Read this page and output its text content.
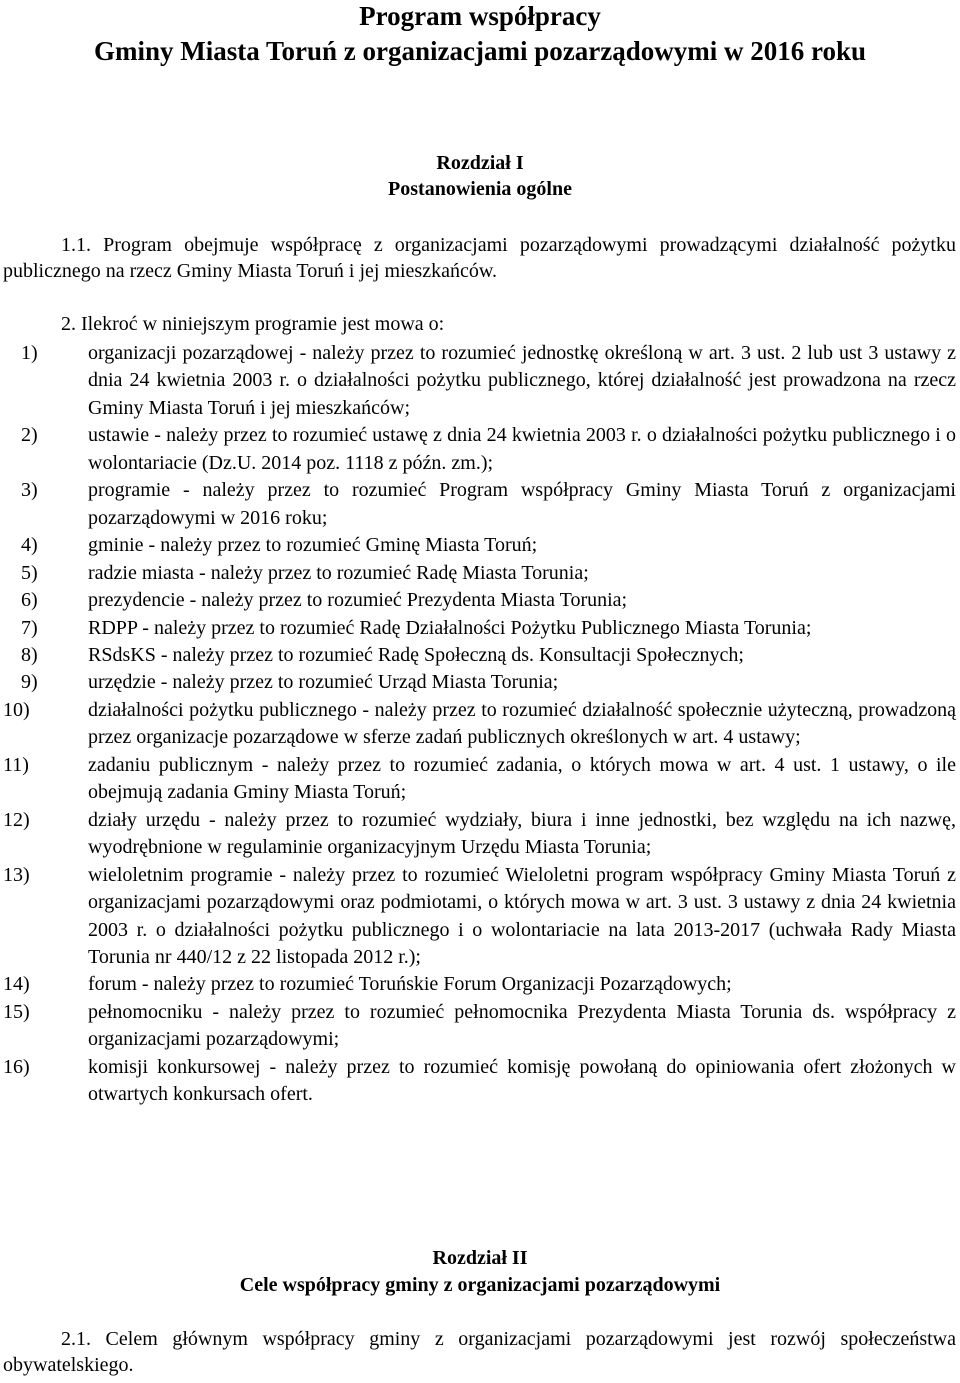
Program współpracy
Gminy Miasta Toruń z organizacjami pozarządowymi w 2016 roku
Rozdział I
Postanowienia ogólne

1.1. Program obejmuje współpracę z organizacjami pozarządowymi prowadzącymi działalność pożytku publicznego na rzecz Gminy Miasta Toruń i jej mieszkańców.

2. Ilekroć w niniejszym programie jest mowa o:

1)	organizacji pozarządowej - należy przez to rozumieć jednostkę określoną w art. 3 ust. 2 lub ust 3 ustawy z dnia 24 kwietnia 2003 r. o działalności pożytku publicznego, której działalność jest prowadzona na rzecz Gminy Miasta Toruń i jej mieszkańców;
2)	ustawie - należy przez to rozumieć ustawę z dnia 24 kwietnia 2003 r. o działalności pożytku publicznego i o wolontariacie (Dz.U. 2014 poz. 1118 z późn. zm.);
3)	programie - należy przez to rozumieć Program współpracy Gminy Miasta Toruń z organizacjami pozarządowymi w 2016 roku;
4)	gminie - należy przez to rozumieć Gminę Miasta Toruń;
5)	radzie miasta - należy przez to rozumieć Radę Miasta Torunia;
6)	prezydencie - należy przez to rozumieć Prezydenta Miasta Torunia;
7)	RDPP - należy przez to rozumieć Radę Działalności Pożytku Publicznego Miasta Torunia;
8)	RSdsKS - należy przez to rozumieć Radę Społeczną ds. Konsultacji Społecznych;
9)	urzędzie - należy przez to rozumieć Urząd Miasta Torunia;
10)	działalności pożytku publicznego - należy przez to rozumieć działalność społecznie użyteczną, prowadzoną przez organizacje pozarządowe w sferze zadań publicznych określonych w art. 4 ustawy;
11)	zadaniu publicznym - należy przez to rozumieć zadania, o których mowa w art. 4 ust. 1 ustawy, o ile obejmują zadania Gminy Miasta Toruń;
12)	działy urzędu - należy przez to rozumieć wydziały, biura i inne jednostki, bez względu na ich nazwę, wyodrębnione w regulaminie organizacyjnym Urzędu Miasta Torunia;
13)	wieloletnim programie - należy przez to rozumieć Wieloletni program współpracy Gminy Miasta Toruń z organizacjami pozarządowymi oraz podmiotami, o których mowa w art. 3 ust. 3 ustawy z dnia 24 kwietnia 2003 r. o działalności pożytku publicznego i o wolontariacie na lata 2013-2017 (uchwała Rady Miasta Torunia nr 440/12 z 22 listopada 2012 r.);
14)	forum - należy przez to rozumieć Toruńskie Forum Organizacji Pozarządowych;
15)	pełnomocniku - należy przez to rozumieć pełnomocnika Prezydenta Miasta Torunia ds. współpracy z organizacjami pozarządowymi;
16)	komisji konkursowej - należy przez to rozumieć komisję powołaną do opiniowania ofert złożonych w otwartych konkursach ofert.
Rozdział II
Cele współpracy gminy z organizacjami pozarządowymi

2.1. Celem głównym współpracy gminy z organizacjami pozarządowymi jest rozwój społeczeństwa obywatelskiego.
